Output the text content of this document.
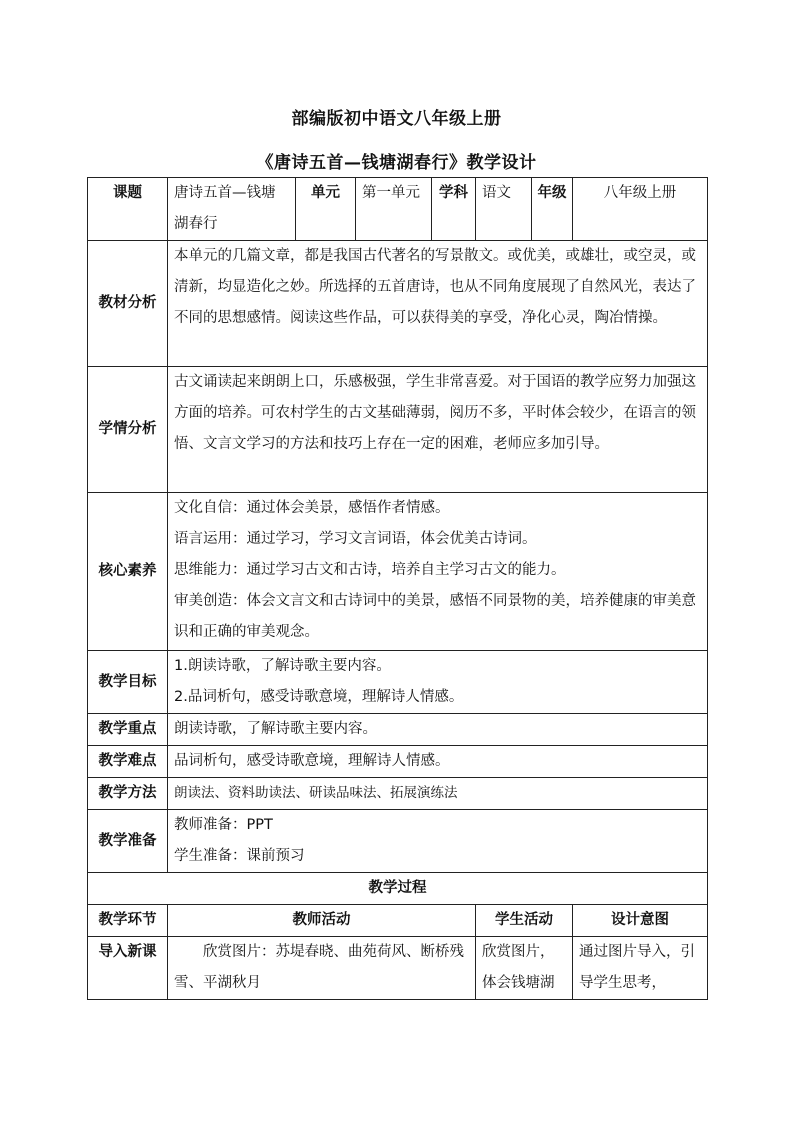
部编版初中语文八年级上册
《唐诗五首—钱塘湖春行》教学设计
课题	唐诗五首—钱塘湖春行	单元	第一单元	学科	语文	年级	八年级上册
教材分析	本单元的几篇文章，都是我国古代著名的写景散文。或优美，或雄壮，或空灵，或清新，均显造化之妙。所选择的五首唐诗，也从不同角度展现了自然风光，表达了不同的思想感情。阅读这些作品，可以获得美的享受，净化心灵，陶冶情操。						
学情分析	古文诵读起来朗朗上口，乐感极强，学生非常喜爱。对于国语的教学应努力加强这方面的培养。可农村学生的古文基础薄弱，阅历不多，平时体会较少，在语言的领悟、文言文学习的方法和技巧上存在一定的困难，老师应多加引导。						
核心素养	文化自信：通过体会美景，感悟作者情感。
语言运用：通过学习，学习文言词语，体会优美古诗词。
思维能力：通过学习古文和古诗，培养自主学习古文的能力。
审美创造：体会文言文和古诗词中的美景，感悟不同景物的美，培养健康的审美意识和正确的审美观念。						

教学目标	1.朗读诗歌，了解诗歌主要内容。
2.品词析句，感受诗歌意境，理解诗人情感。						

教学重点	朗读诗歌，了解诗歌主要内容。						
教学难点	品词析句，感受诗歌意境，理解诗人情感。						
教学方法	朗读法、资料助读法、研读品味法、拓展演练法						
教学准备	教师准备：PPT
学生准备：课前预习						

教学过程							
教学环节	教师活动				学生活动		设计意图
导入新课	欣赏图片：苏堤春晓、曲苑荷风、断桥残雪、平湖秋月				欣赏图片，体会钱塘湖		通过图片导入，引导学生思考，
